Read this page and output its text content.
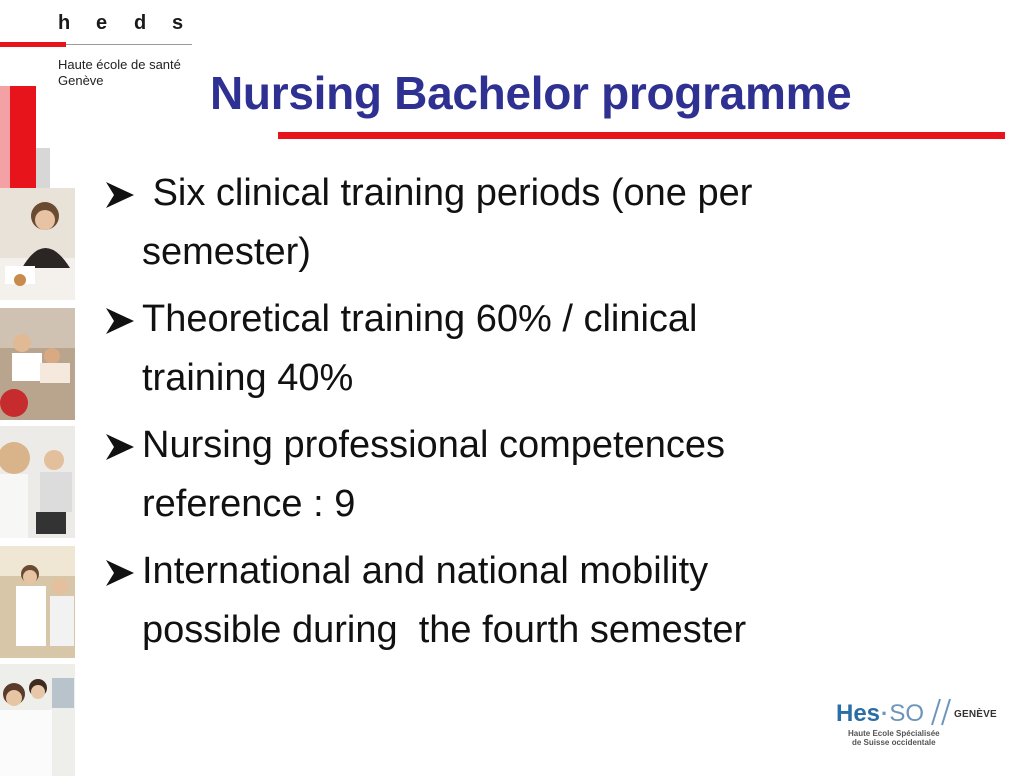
h e d s
Haute école de santé
Genève	Nursing Bachelor programme
Six clinical training periods (one per
semester)
Theoretical training 60% / clinical
training 40%
Nursing professional competences
reference : 9
International and national mobility
possible during  the fourth semester
Hes·SO	GENÈVE
Haute Ecole Spécialisée
de Suisse occidentale
